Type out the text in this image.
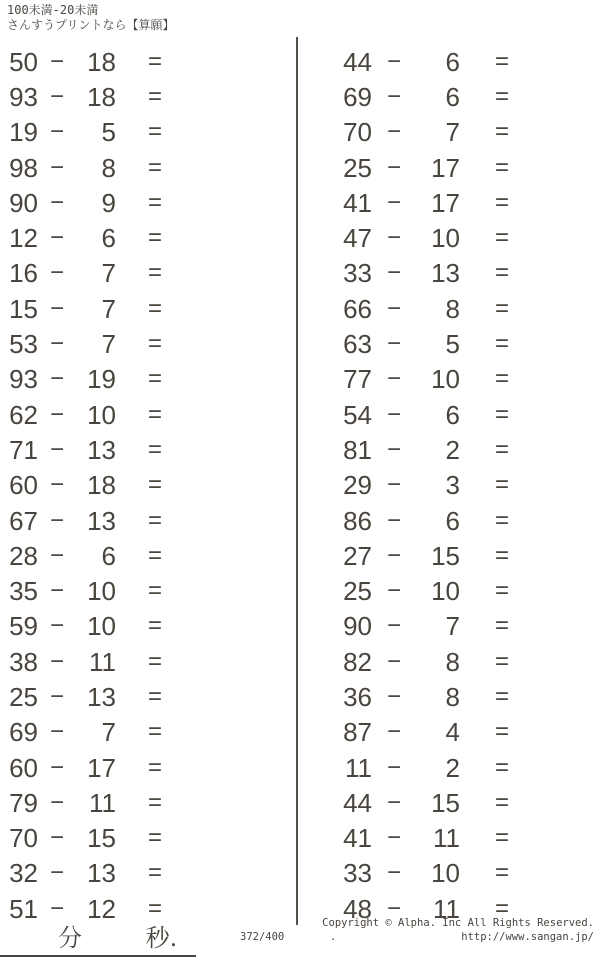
100未満-20未満
さんすうプリントなら【算願】
50 − 18	=
93 − 18	=
19 −	5	=
98 −	8	=
90 −	9	=
12 −	6	=
16 −	7	=
15 −	7	=
53 −	7	=
93 − 19	=
62 − 10	=
71 − 13	=
60 − 18	=
67 − 13	=
28 −	6	=
35 − 10	=
59 − 10	=
38 − 11	=
25 − 13	=
69 −	7	=
60 − 17	=
79 − 11	=
70 − 15	=
32 − 13	=
51 − 12	=
44 −	6	=
69 −	6	=
70 −	7	=
25 −	17	=
41 −	17	=
47 −	10	=
33 −	13	=
66 −	8	=
63 −	5	=
77 −	10	=
54 −	6	=
81 −	2	=
29 −	3	=
86 −	6	=
27 −	15	=
25 −	10	=
90 −	7	=
82 −	8	=
36 −	8	=
87 −	4	=
11 −	2	=
44 −	15	=
41 −	11	=
33 −	10	=
48 −	11	=
分	秒.
Copyright © Alpha. Inc All Rights Reserved.
372/400	.	http://www.sangan.jp/
